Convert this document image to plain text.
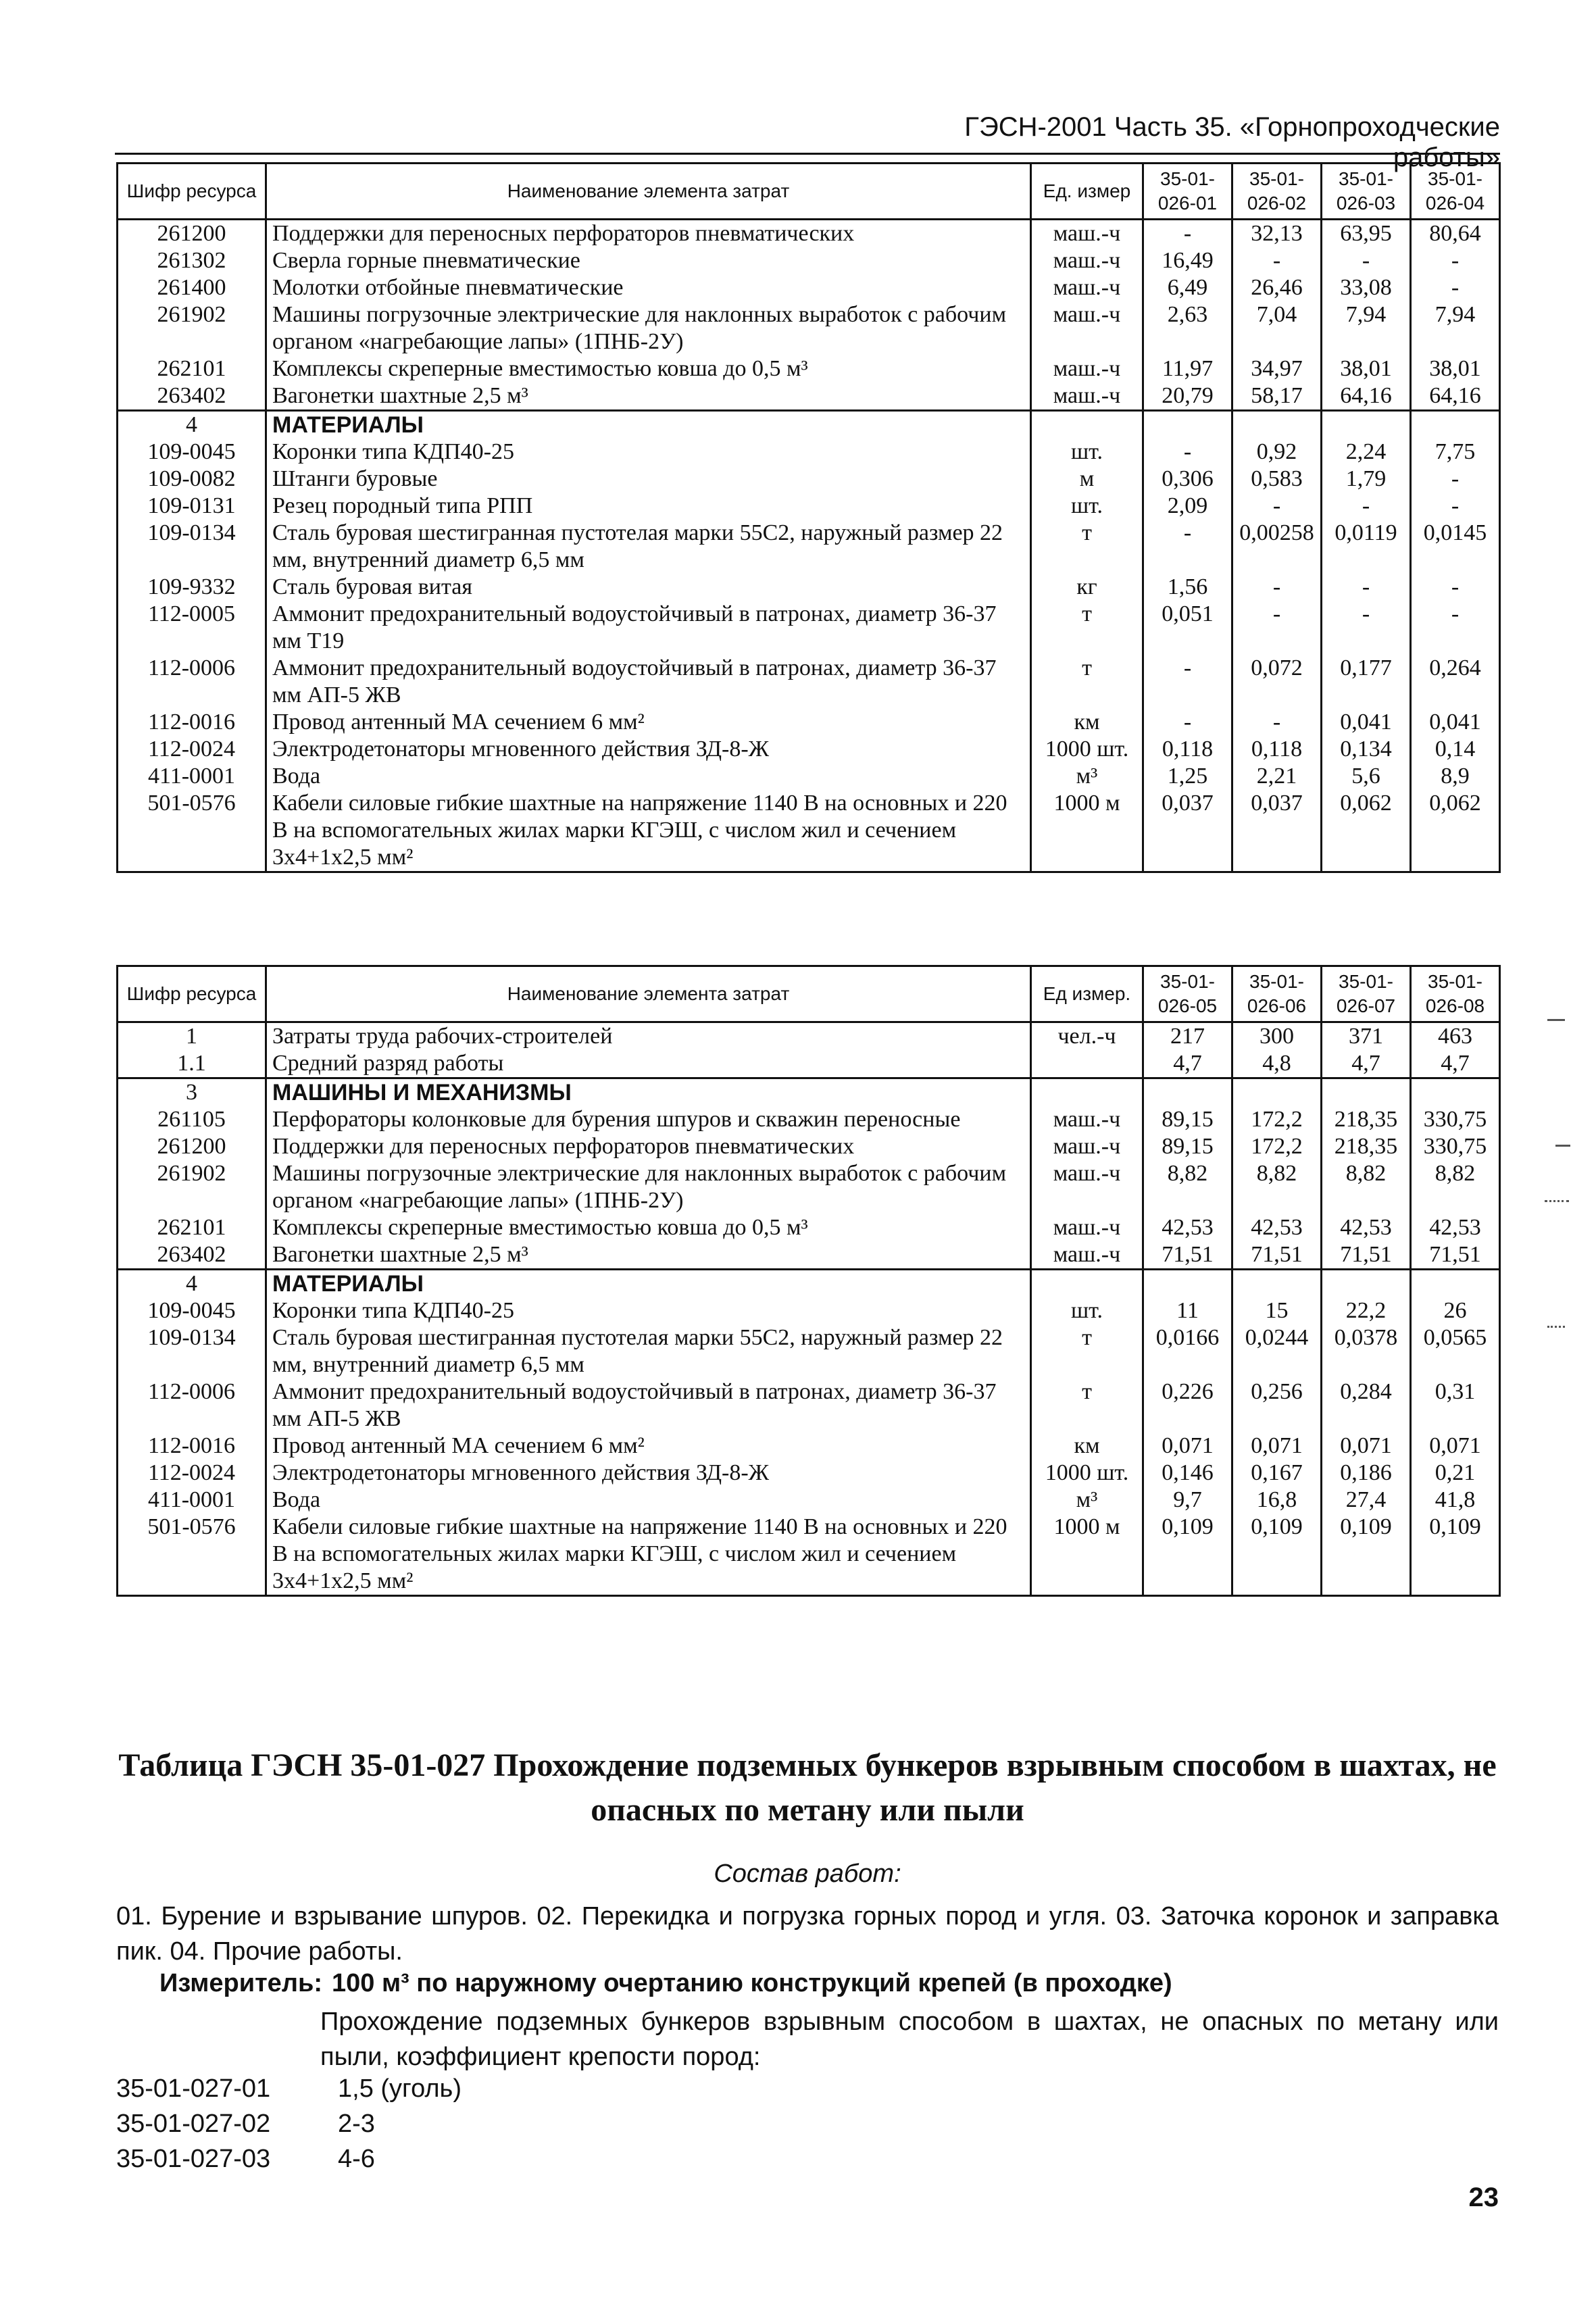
ГЭСН-2001 Часть 35. «Горнопроходческие работы»
Шифр ресурса	Наименование элемента затрат	Ед. измер	35-01-026-01	35-01-026-02	35-01-026-03	35-01-026-04
261200	Поддержки для переносных перфораторов пневматических	маш.-ч	-	32,13	63,95	80,64
261302	Сверла горные пневматические	маш.-ч	16,49	-	-	-
261400	Молотки отбойные пневматические	маш.-ч	6,49	26,46	33,08	-
261902	Машины погрузочные электрические для наклонных выработок с рабочим органом «нагребающие лапы» (1ПНБ-2У)	маш.-ч	2,63	7,04	7,94	7,94
262101	Комплексы скреперные вместимостью ковша до 0,5 м³	маш.-ч	11,97	34,97	38,01	38,01
263402	Вагонетки шахтные 2,5 м³	маш.-ч	20,79	58,17	64,16	64,16
4	МАТЕРИАЛЫ					
109-0045	Коронки типа КДП40-25	шт.	-	0,92	2,24	7,75
109-0082	Штанги буровые	м	0,306	0,583	1,79	-
109-0131	Резец породный типа РПП	шт.	2,09	-	-	-
109-0134	Сталь буровая шестигранная пустотелая марки 55С2, наружный размер 22 мм, внутренний диаметр 6,5 мм	т	-	0,00258	0,0119	0,0145
109-9332	Сталь буровая витая	кг	1,56	-	-	-
112-0005	Аммонит предохранительный водоустойчивый в патронах, диаметр 36-37 мм Т19	т	0,051	-	-	-
112-0006	Аммонит предохранительный водоустойчивый в патронах, диаметр 36-37 мм АП-5 ЖВ	т	-	0,072	0,177	0,264
112-0016	Провод антенный МА сечением 6 мм²	км	-	-	0,041	0,041
112-0024	Электродетонаторы мгновенного действия ЗД-8-Ж	1000 шт.	0,118	0,118	0,134	0,14
411-0001	Вода	м³	1,25	2,21	5,6	8,9
501-0576	Кабели силовые гибкие шахтные на напряжение 1140 В на основных и 220 В на вспомогательных жилах марки КГЭШ, с числом жил и сечением 3х4+1х2,5 мм²	1000 м	0,037	0,037	0,062	0,062
Шифр ресурса	Наименование элемента затрат	Ед измер.	35-01-026-05	35-01-026-06	35-01-026-07	35-01-026-08
1	Затраты труда рабочих-строителей	чел.-ч	217	300	371	463
1.1	Средний разряд работы		4,7	4,8	4,7	4,7
3	МАШИНЫ И МЕХАНИЗМЫ					
261105	Перфораторы колонковые для бурения шпуров и скважин переносные	маш.-ч	89,15	172,2	218,35	330,75
261200	Поддержки для переносных перфораторов пневматических	маш.-ч	89,15	172,2	218,35	330,75
261902	Машины погрузочные электрические для наклонных выработок с рабочим органом «нагребающие лапы» (1ПНБ-2У)	маш.-ч	8,82	8,82	8,82	8,82
262101	Комплексы скреперные вместимостью ковша до 0,5 м³	маш.-ч	42,53	42,53	42,53	42,53
263402	Вагонетки шахтные 2,5 м³	маш.-ч	71,51	71,51	71,51	71,51
4	МАТЕРИАЛЫ					
109-0045	Коронки типа КДП40-25	шт.	11	15	22,2	26
109-0134	Сталь буровая шестигранная пустотелая марки 55С2, наружный размер 22 мм, внутренний диаметр 6,5 мм	т	0,0166	0,0244	0,0378	0,0565
112-0006	Аммонит предохранительный водоустойчивый в патронах, диаметр 36-37 мм АП-5 ЖВ	т	0,226	0,256	0,284	0,31
112-0016	Провод антенный МА сечением 6 мм²	км	0,071	0,071	0,071	0,071
112-0024	Электродетонаторы мгновенного действия ЗД-8-Ж	1000 шт.	0,146	0,167	0,186	0,21
411-0001	Вода	м³	9,7	16,8	27,4	41,8
501-0576	Кабели силовые гибкие шахтные на напряжение 1140 В на основных и 220 В на вспомогательных жилах марки КГЭШ, с числом жил и сечением 3х4+1х2,5 мм²	1000 м	0,109	0,109	0,109	0,109
Таблица ГЭСН 35-01-027 Прохождение подземных бункеров взрывным способом в шахтах, не опасных по метану или пыли
Состав работ:
01. Бурение и взрывание шпуров. 02. Перекидка и погрузка горных пород и угля. 03. Заточка коронок и заправка пик. 04. Прочие работы.
Измеритель: 100 м³ по наружному очертанию конструкций крепей (в проходке)
Прохождение подземных бункеров взрывным способом в шахтах, не опасных по метану или пыли, коэффициент крепости пород:
35-01-027-01	1,5 (уголь)
35-01-027-02	2-3
35-01-027-03	4-6
23
